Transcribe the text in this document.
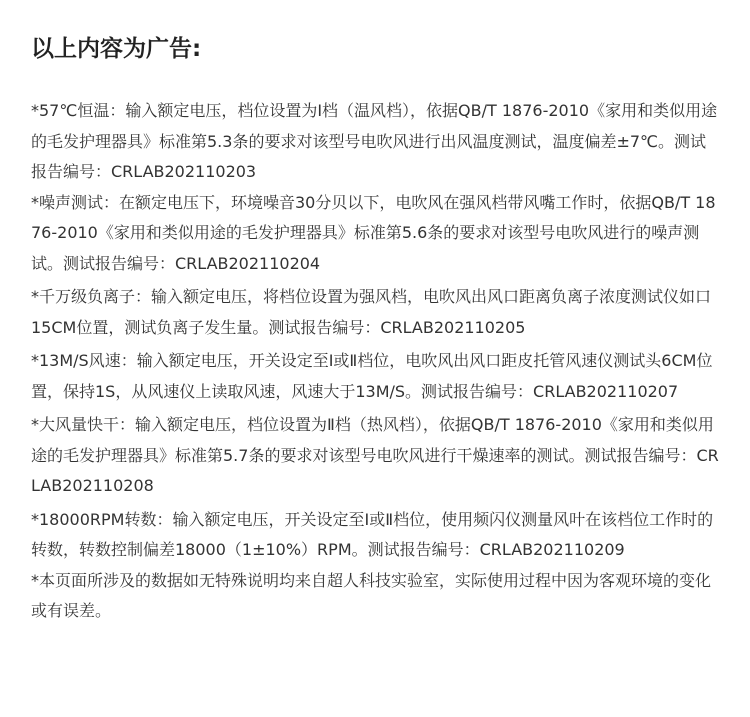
以上内容为广告:

*57℃恒温：输入额定电压，档位设置为Ⅰ档（温风档），依据QB/T 1876-2010《家用和类似用途的毛发护理器具》标准第5.3条的要求对该型号电吹风进行出风温度测试，温度偏差±7℃。测试报告编号：CRLAB202110203

*噪声测试：在额定电压下，环境噪音30分贝以下，电吹风在强风档带风嘴工作时，依据QB/T 1876-2010《家用和类似用途的毛发护理器具》标准第5.6条的要求对该型号电吹风进行的噪声测试。测试报告编号：CRLAB202110204

*千万级负离子：输入额定电压，将档位设置为强风档，电吹风出风口距离负离子浓度测试仪如口15CM位置，测试负离子发生量。测试报告编号：CRLAB202110205

*13M/S风速：输入额定电压，开关设定至Ⅰ或Ⅱ档位，电吹风出风口距皮托管风速仪测试头6CM位置，保持1S，从风速仪上读取风速，风速大于13M/S。测试报告编号：CRLAB202110207

*大风量快干：输入额定电压，档位设置为Ⅱ档（热风档），依据QB/T 1876-2010《家用和类似用途的毛发护理器具》标准第5.7条的要求对该型号电吹风进行干燥速率的测试。测试报告编号：CRLAB202110208

*18000RPM转数：输入额定电压，开关设定至Ⅰ或Ⅱ档位，使用频闪仪测量风叶在该档位工作时的转数，转数控制偏差18000（1±10%）RPM。测试报告编号：CRLAB202110209

*本页面所涉及的数据如无特殊说明均来自超人科技实验室，实际使用过程中因为客观环境的变化或有误差。
